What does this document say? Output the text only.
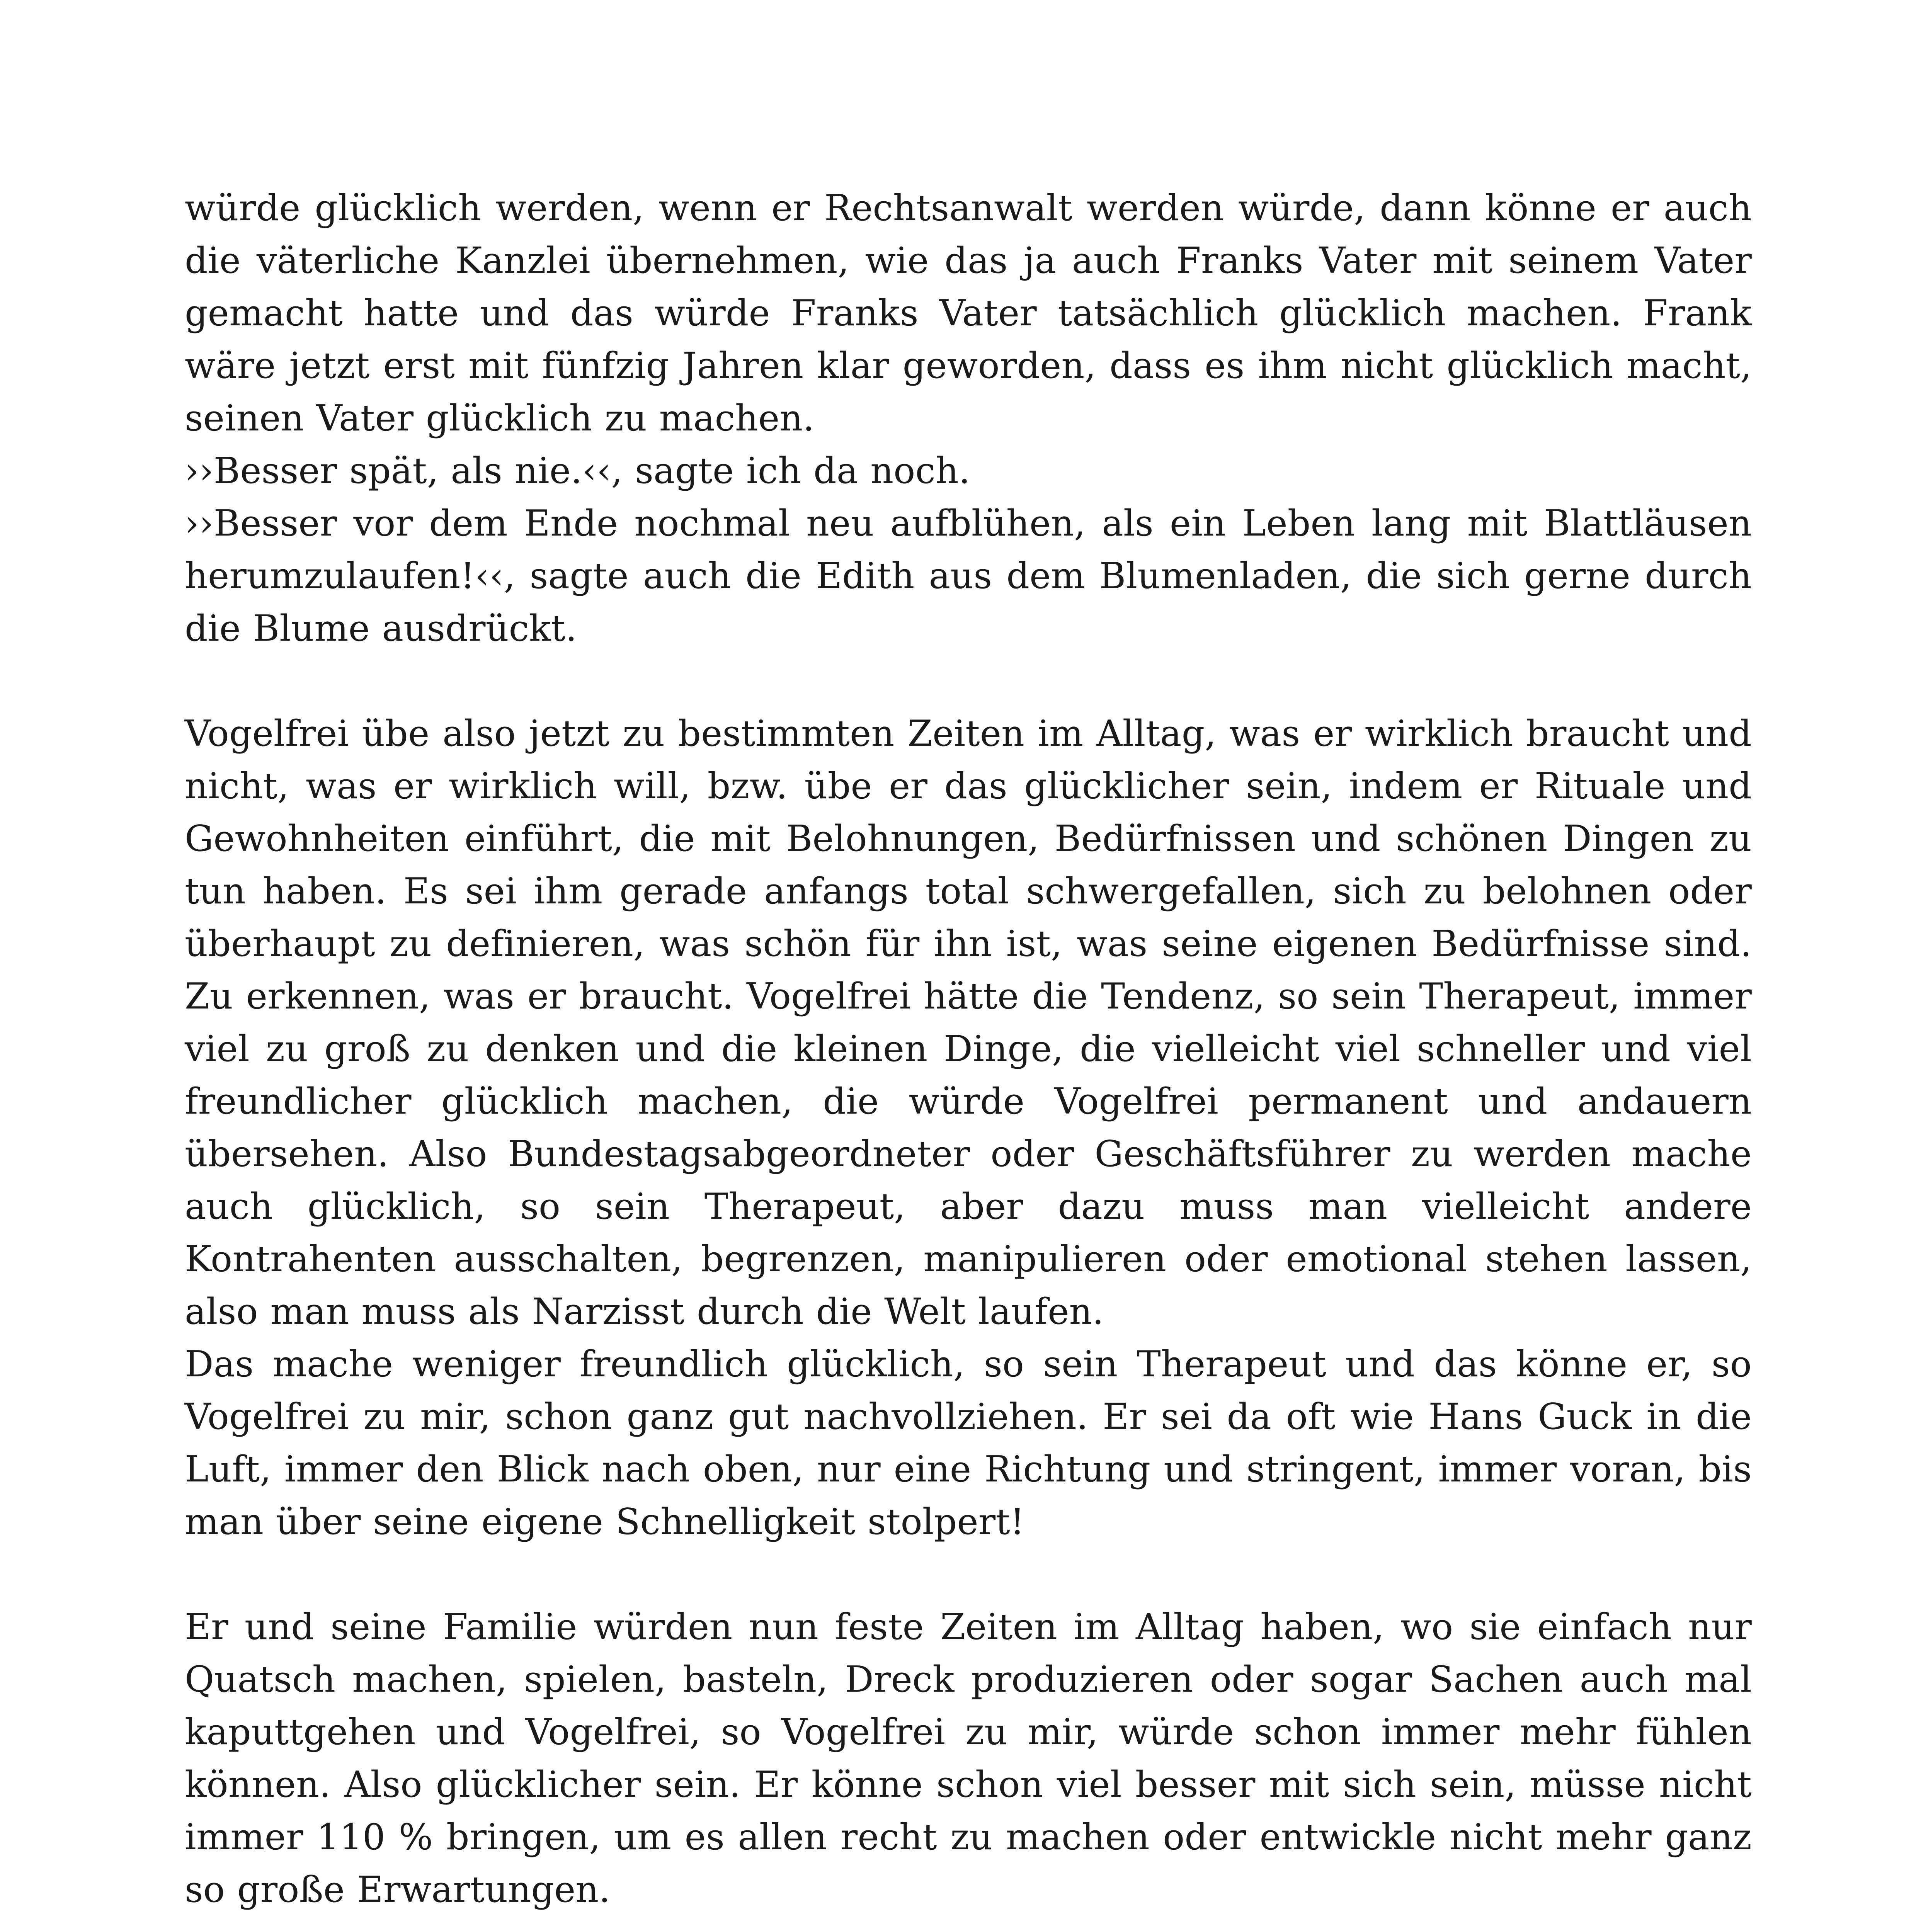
würde glücklich werden, wenn er Rechtsanwalt werden würde, dann könne er auch die väterliche Kanzlei übernehmen, wie das ja auch Franks Vater mit seinem Vater gemacht hatte und das würde Franks Vater tatsächlich glücklich machen. Frank wäre jetzt erst mit fünfzig Jahren klar geworden, dass es ihm nicht glücklich macht, seinen Vater glücklich zu machen.

››Besser spät, als nie.‹‹, sagte ich da noch.

››Besser vor dem Ende nochmal neu aufblühen, als ein Leben lang mit Blattläusen herumzulaufen!‹‹, sagte auch die Edith aus dem Blumenladen, die sich gerne durch die Blume ausdrückt.

Vogelfrei übe also jetzt zu bestimmten Zeiten im Alltag, was er wirklich braucht und nicht, was er wirklich will, bzw. übe er das glücklicher sein, indem er Rituale und Gewohnheiten einführt, die mit Belohnungen, Bedürfnissen und schönen Dingen zu tun haben. Es sei ihm gerade anfangs total schwergefallen, sich zu belohnen oder überhaupt zu definieren, was schön für ihn ist, was seine eigenen Bedürfnisse sind. Zu erkennen, was er braucht. Vogelfrei hätte die Tendenz, so sein Therapeut, immer viel zu groß zu denken und die kleinen Dinge, die vielleicht viel schneller und viel freundlicher glücklich machen, die würde Vogelfrei permanent und andauern übersehen. Also Bundestagsabgeordneter oder Geschäftsführer zu werden mache auch glücklich, so sein Therapeut, aber dazu muss man vielleicht andere Kontrahenten ausschalten, begrenzen, manipulieren oder emotional stehen lassen, also man muss als Narzisst durch die Welt laufen.

Das mache weniger freundlich glücklich, so sein Therapeut und das könne er, so Vogelfrei zu mir, schon ganz gut nachvollziehen. Er sei da oft wie Hans Guck in die Luft, immer den Blick nach oben, nur eine Richtung und stringent, immer voran, bis man über seine eigene Schnelligkeit stolpert!

Er und seine Familie würden nun feste Zeiten im Alltag haben, wo sie einfach nur Quatsch machen, spielen, basteln, Dreck produzieren oder sogar Sachen auch mal kaputtgehen und Vogelfrei, so Vogelfrei zu mir, würde schon immer mehr fühlen können. Also glücklicher sein. Er könne schon viel besser mit sich sein, müsse nicht immer 110 % bringen, um es allen recht zu machen oder entwickle nicht mehr ganz so große Erwartungen.
